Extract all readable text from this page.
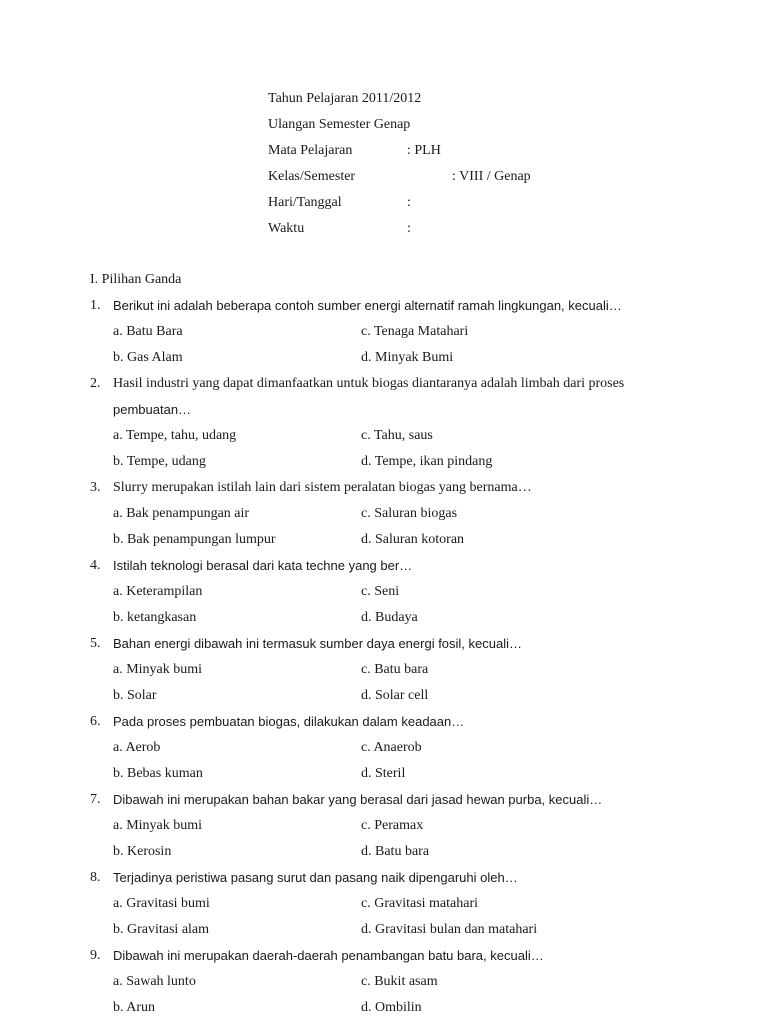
Tahun Pelajaran 2011/2012
Ulangan Semester Genap
Mata Pelajaran	: PLH
Kelas/Semester	: VIII / Genap
Hari/Tanggal	:
Waktu	:
I. Pilihan Ganda
1. Berikut ini adalah beberapa contoh sumber energi alternatif ramah lingkungan, kecuali…
a. Batu Bara	c. Tenaga Matahari
b. Gas Alam	d. Minyak Bumi
2. Hasil industri yang dapat dimanfaatkan untuk biogas diantaranya adalah limbah dari proses
pembuatan…
a. Tempe, tahu, udang	c. Tahu, saus
b. Tempe, udang	d. Tempe, ikan pindang
3. Slurry merupakan istilah lain dari sistem peralatan biogas yang bernama…
a. Bak penampungan air	c. Saluran biogas
b. Bak penampungan lumpur	d. Saluran kotoran
4. Istilah teknologi berasal dari kata techne yang ber…
a. Keterampilan	c. Seni
b. ketangkasan	d. Budaya
5. Bahan energi dibawah ini termasuk sumber daya energi fosil, kecuali…
a. Minyak bumi	c. Batu bara
b. Solar	d. Solar cell
6. Pada proses pembuatan biogas, dilakukan dalam keadaan…
a. Aerob	c. Anaerob
b. Bebas kuman	d. Steril
7. Dibawah ini merupakan bahan bakar yang berasal dari jasad hewan purba, kecuali…
a. Minyak bumi	c. Peramax
b. Kerosin	d. Batu bara
8. Terjadinya peristiwa pasang surut dan pasang naik dipengaruhi oleh…
a. Gravitasi bumi	c. Gravitasi matahari
b. Gravitasi alam	d. Gravitasi bulan dan matahari
9. Dibawah ini merupakan daerah-daerah penambangan batu bara, kecuali…
a. Sawah lunto	c. Bukit asam
b. Arun	d. Ombilin
